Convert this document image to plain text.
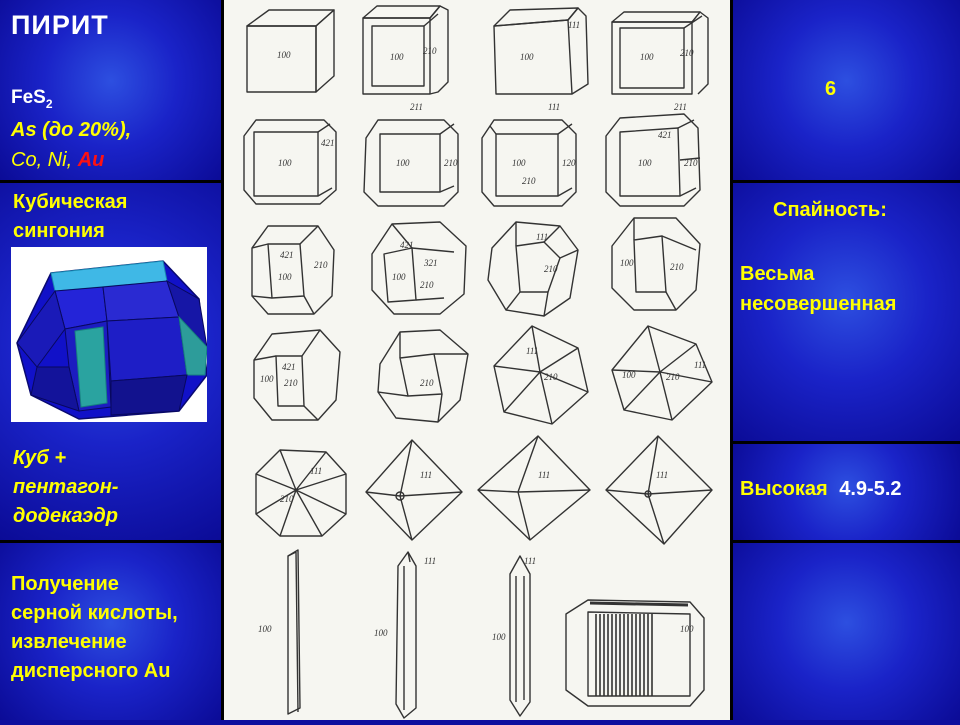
ПИРИТ
FeS$_2$
As (до 20%),
Co, Ni, Au
Кубическая
сингония
Куб +
пентагон-
додекаэдр
Получение
серной кислоты,
извлечение
дисперсного Au
100	100
210
100
111
100	210
100
421
211
100	210
111
100
210
120
211
421
100	210
421
100
210
421
100
321
210
111
210
100	210
100
421
210	210
111
210	100	210
111
111
210
111	111	111
100	100
111
100
111
100
6
Спайность:
Весьма
несовершенная
Высокая 4.9-5.2
